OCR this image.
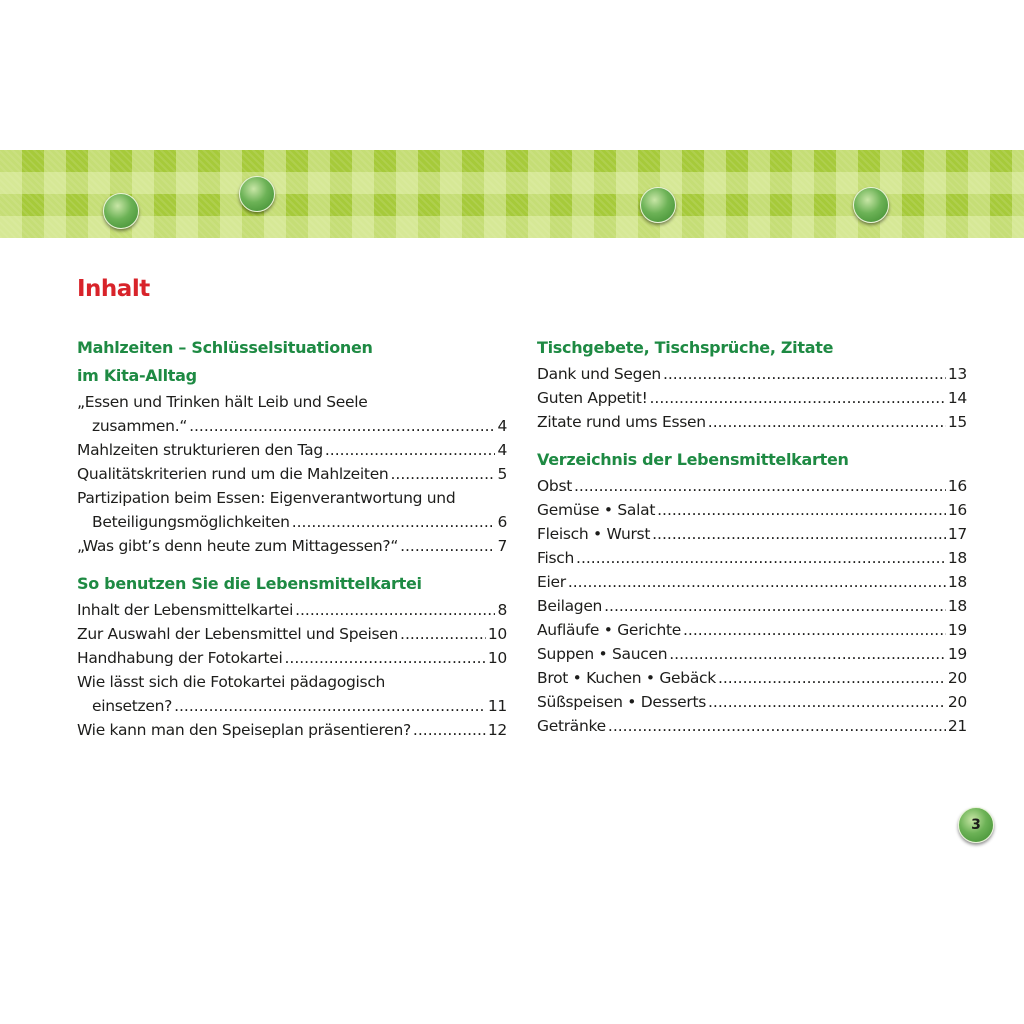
Inhalt
Mahlzeiten – Schlüsselsituationen
im Kita-Alltag
„Essen und Trinken hält Leib und Seele
zusammen.“ .....	4
Mahlzeiten strukturieren den Tag .....	4
Qualitätskriterien rund um die Mahlzeiten .....	5
Partizipation beim Essen: Eigenverantwortung und
Beteiligungsmöglichkeiten .....	6
„Was gibt’s denn heute zum Mittagessen?“ .....	7
So benutzen Sie die Lebensmittelkartei
Inhalt der Lebensmittelkartei .....	8
Zur Auswahl der Lebensmittel und Speisen .....	10
Handhabung der Fotokartei .....	10
Wie lässt sich die Fotokartei pädagogisch
einsetzen? .....	11
Wie kann man den Speiseplan präsentieren? .....	12
Tischgebete, Tischsprüche, Zitate
Dank und Segen .....	13
Guten Appetit! .....	14
Zitate rund ums Essen .....	15
Verzeichnis der Lebensmittelkarten
Obst .....	16
Gemüse • Salat .....	16
Fleisch • Wurst .....	17
Fisch .....	18
Eier .....	18
Beilagen .....	18
Aufläufe • Gerichte .....	19
Suppen • Saucen .....	19
Brot • Kuchen • Gebäck .....	20
Süßspeisen • Desserts .....	20
Getränke .....	21
3
